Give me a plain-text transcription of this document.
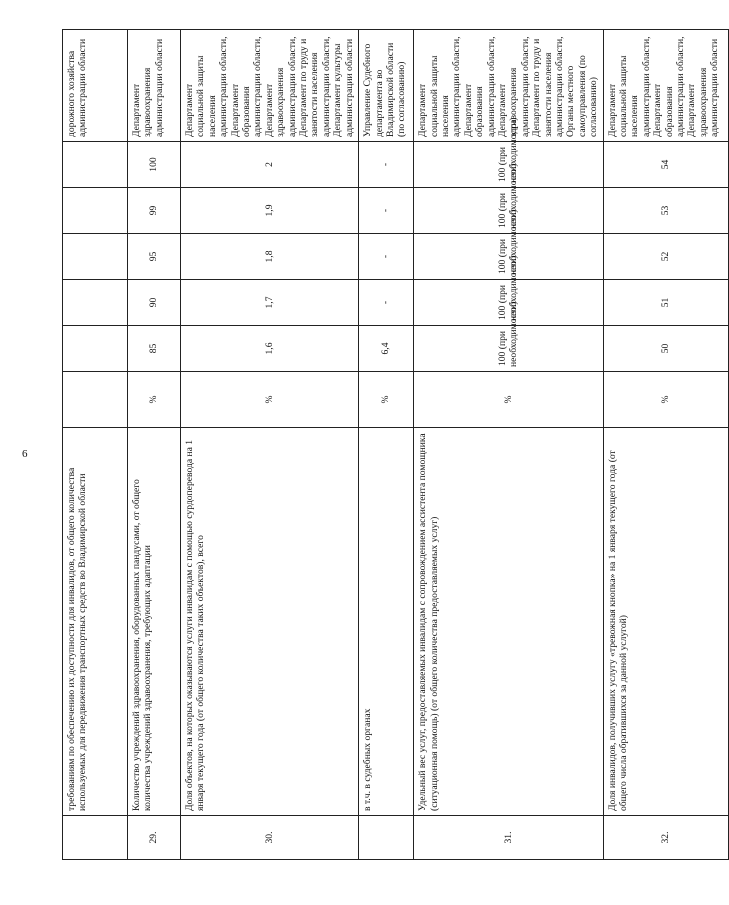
6
	требованиям по обеспечению их доступности для инвалидов, от общего количества используемых для передвижения транспортных средств во Владимирской области							дорожного хозяйства администрации области
29.	Количество учреждений здравоохранения, оборудованных пандусами, от общего количества учреждений здравоохранения, требующих адаптации	%	85	90	95	99	100	Департамент здравоохранения администрации области
30.	Доля объектов, на которых оказываются услуги инвалидам с помощью сурдоперевода на 1 января текущего года (от общего количества таких объектов), всего	%	1,6	1,7	1,8	1,9	2	Департамент социальной защиты населения администрации области, Департамент образования администрации области, Департамент здравоохранения администрации области, Департамент по труду и занятости населения администрации области, Департамент культуры администрации области
	в т.ч. в судебных органах	%	6,4	-	-	-	-	Управление Судебного департамента во Владимирской области (по согласованию)
31.	Удельный вес услуг, предоставляемых инвалидам с сопровождением ассистента помощника (ситуационная помощь) (от общего количества предоставляемых услуг)	%	100 (при необходимости)	100 (при необходимости)	100 (при необходимости)	100 (при необходимости)	100 (при необходимости)	Департамент социальной защиты населения администрации области, Департамент образования администрации области, Департамент здравоохранения администрации области, Департамент по труду и занятости населения администрации области, Органы местного самоуправления (по согласованию)
32.	Доля инвалидов, получивших услугу «тревожная кнопка» на 1 января текущего года (от общего числа обратившихся за данной услугой)	%	50	51	52	53	54	Департамент социальной защиты населения администрации области, Департамент образования администрации области, Департамент здравоохранения администрации области
